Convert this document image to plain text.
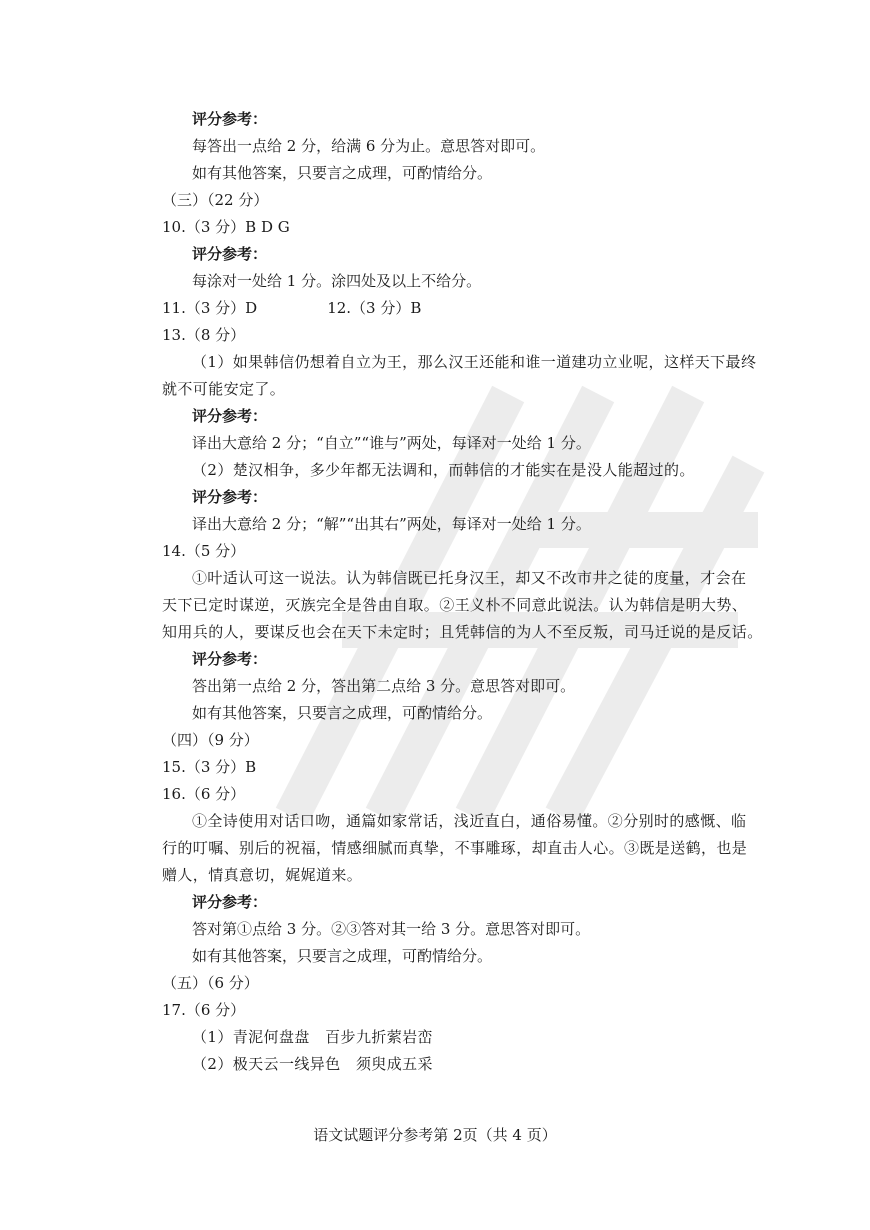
评分参考：
每答出一点给 2 分，给满 6 分为止。意思答对即可。
如有其他答案，只要言之成理，可酌情给分。
（三）（22 分）
10.（3 分）B D G
评分参考：
每涂对一处给 1 分。涂四处及以上不给分。
11.（3 分）D	12.（3 分）B
13.（8 分）
（1）如果韩信仍想着自立为王，那么汉王还能和谁一道建功立业呢，这样天下最终
就不可能安定了。
评分参考：
译出大意给 2 分；“自立”“谁与”两处，每译对一处给 1 分。
（2）楚汉相争，多少年都无法调和，而韩信的才能实在是没人能超过的。
评分参考：
译出大意给 2 分；“解”“出其右”两处，每译对一处给 1 分。
14.（5 分）
①叶适认可这一说法。认为韩信既已托身汉王，却又不改市井之徒的度量，才会在
天下已定时谋逆，灭族完全是咎由自取。②王义朴不同意此说法。认为韩信是明大势、
知用兵的人，要谋反也会在天下未定时；且凭韩信的为人不至反叛，司马迁说的是反话。
评分参考：
答出第一点给 2 分，答出第二点给 3 分。意思答对即可。
如有其他答案，只要言之成理，可酌情给分。
（四）（9 分）
15.（3 分）B
16.（6 分）
①全诗使用对话口吻，通篇如家常话，浅近直白，通俗易懂。②分别时的感慨、临
行的叮嘱、别后的祝福，情感细腻而真挚，不事雕琢，却直击人心。③既是送鹤，也是
赠人，情真意切，娓娓道来。
评分参考：
答对第①点给 3 分。②③答对其一给 3 分。意思答对即可。
如有其他答案，只要言之成理，可酌情给分。
（五）（6 分）
17.（6 分）
（1）青泥何盘盘　百步九折萦岩峦
（2）极天云一线异色　须臾成五采
语文试题评分参考第 2页（共 4 页）
